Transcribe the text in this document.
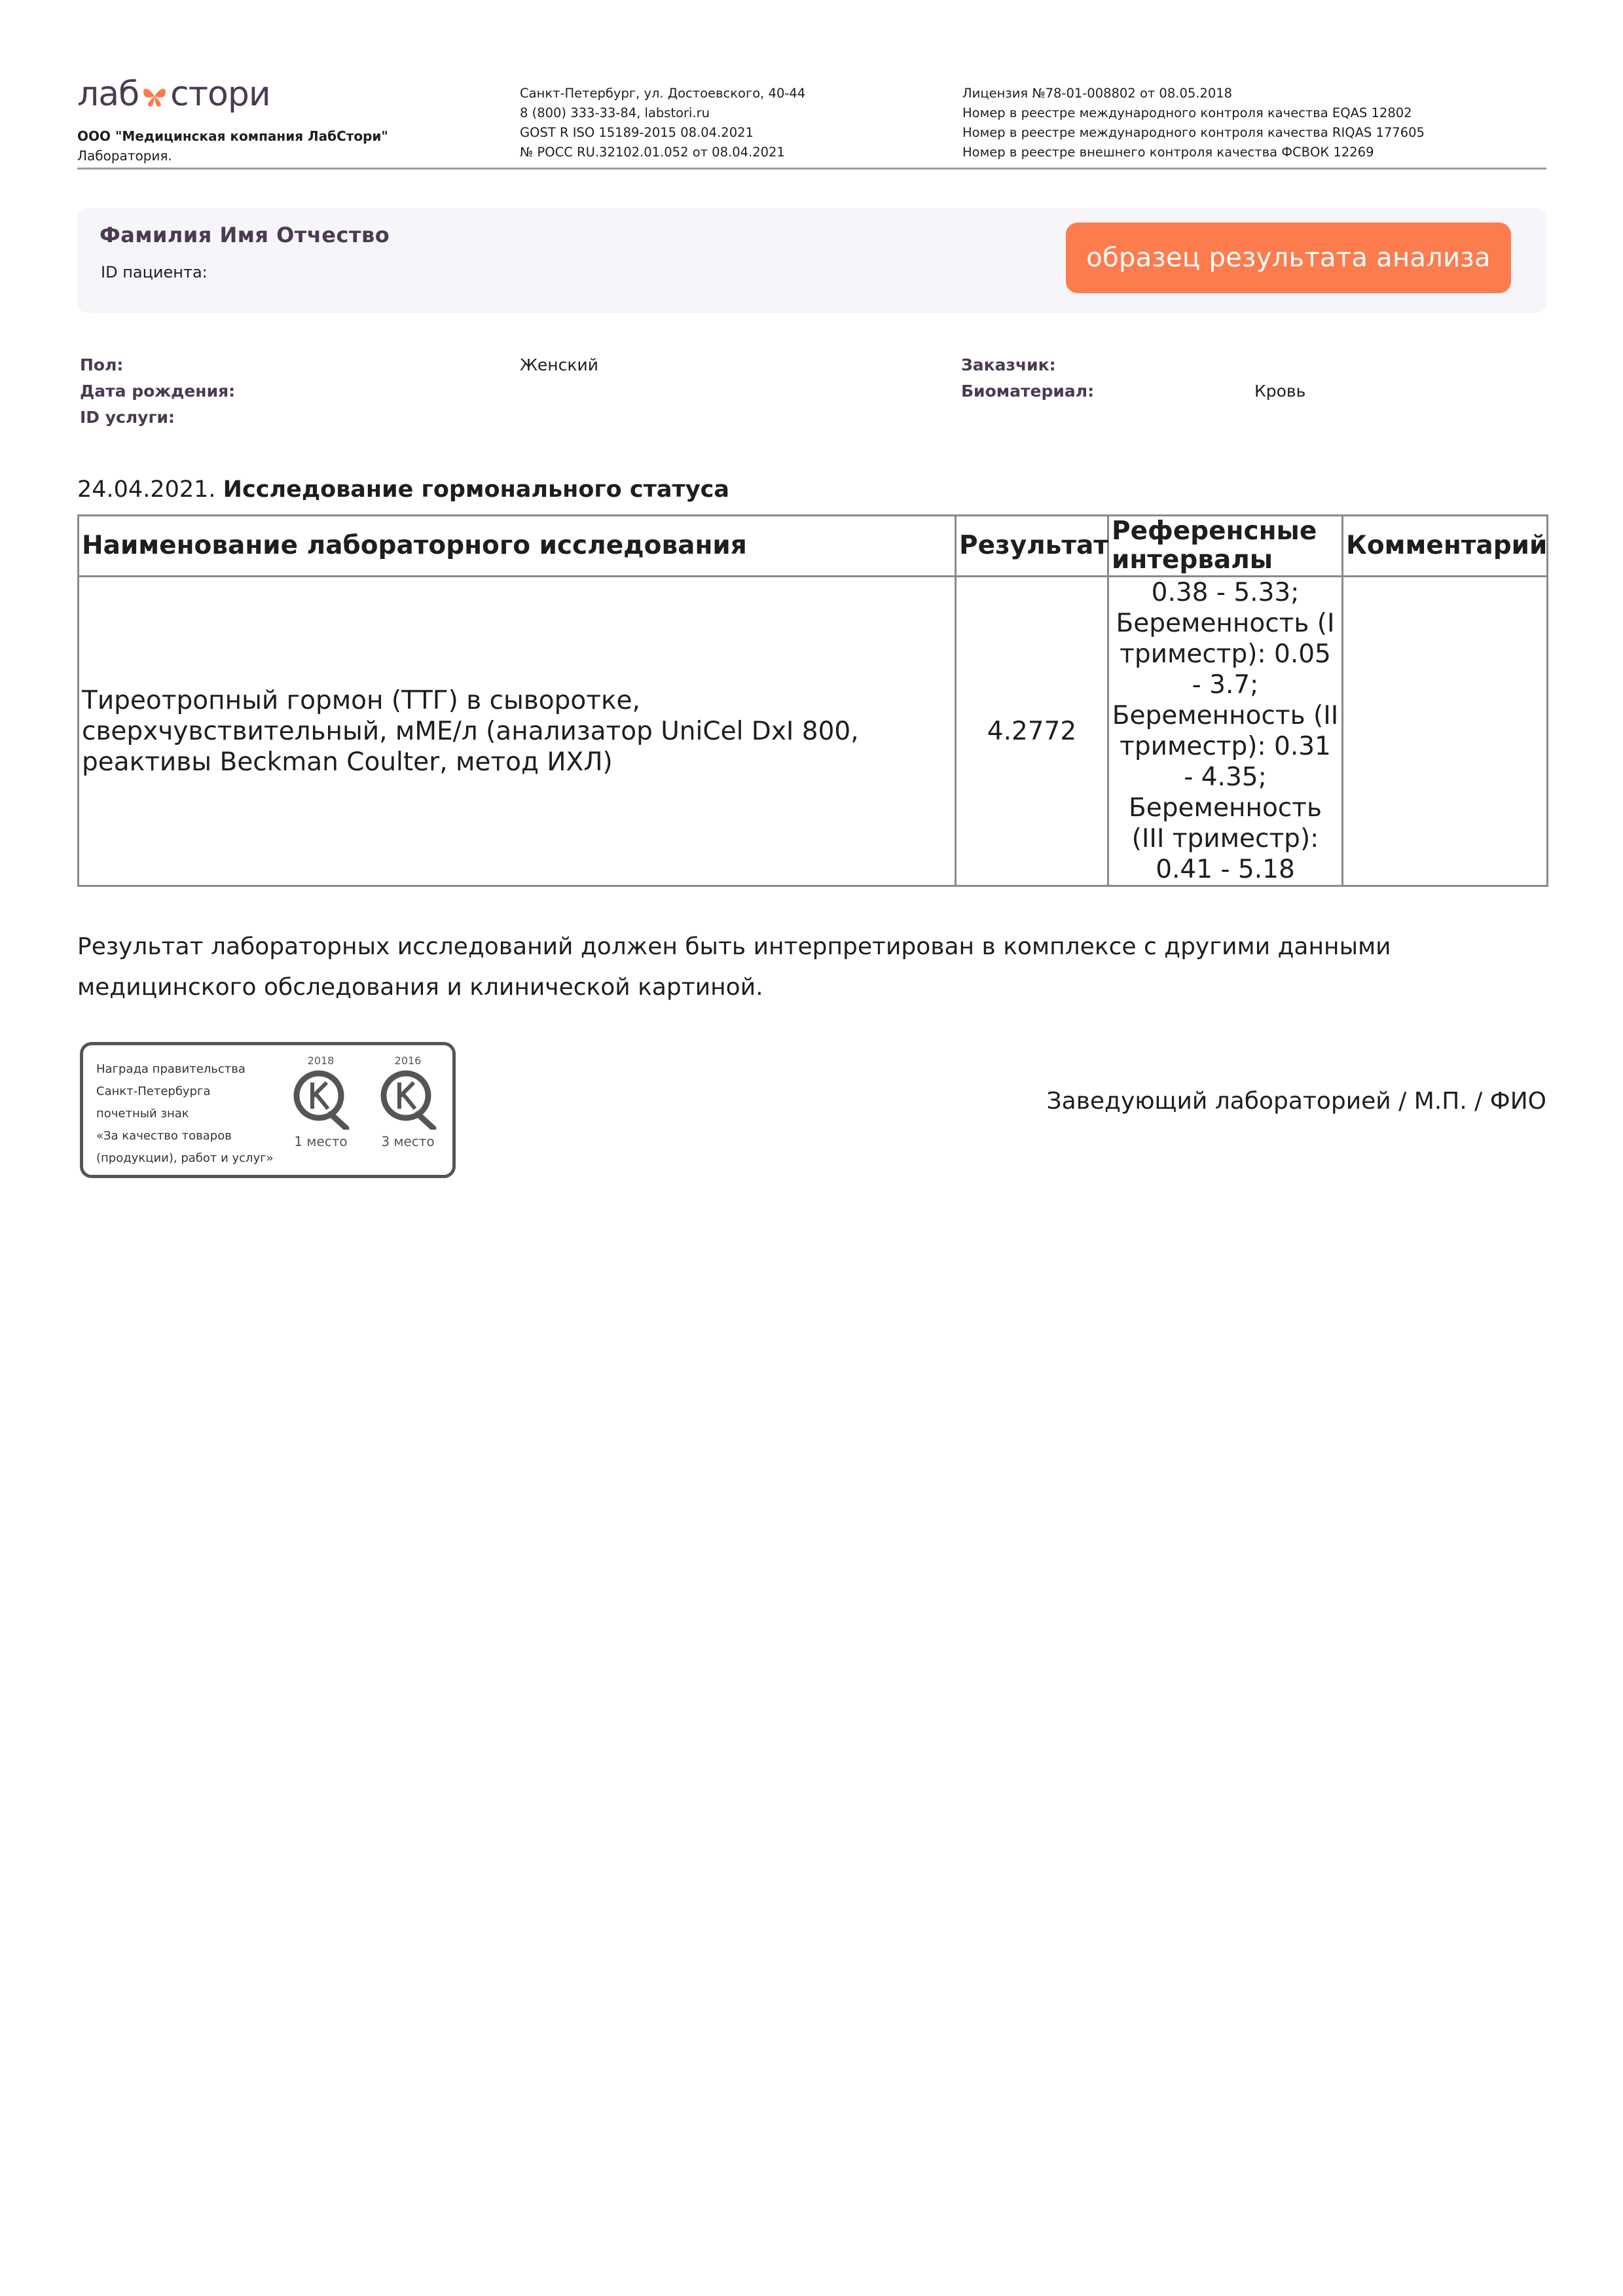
лаб стори
ООО "Медицинская компания ЛабСтори"
Лаборатория.
Санкт-Петербург, ул. Достоевского, 40-44
8 (800) 333-33-84, labstori.ru
GOST R ISO 15189-2015 08.04.2021
№ РОСС RU.32102.01.052 от 08.04.2021
Лицензия №78-01-008802 от 08.05.2018
Номер в реестре международного контроля качества EQAS 12802
Номер в реестре международного контроля качества RIQAS 177605
Номер в реестре внешнего контроля качества ФСВОК 12269
Фамилия Имя Отчество
ID пациента:	образец результата анализа
Пол:	Женский
Дата рождения:
ID услуги:
Заказчик:
Биоматериал:	Кровь
24.04.2021. Исследование гормонального статуса
Наименование лабораторного исследования	Результат	Референсные интервалы	Комментарий
Тиреотропный гормон (ТТГ) в сыворотке, сверхчувствительный, мМЕ/л (анализатор UniCel DxI 800, реактивы Beckman Coulter, метод ИХЛ)	4.2772	0.38 - 5.33; Беременность (I триместр): 0.05 - 3.7; Беременность (II триместр): 0.31 - 4.35; Беременность (III триместр): 0.41 - 5.18	
Результат лабораторных исследований должен быть интерпретирован в комплексе с другими данными медицинского обследования и клинической картиной.
Награда правительства
Санкт-Петербурга
почетный знак
«За качество товаров
(продукции), работ и услуг»
2018
1 место
2016
3 место
Заведующий лабораторией / М.П. / ФИО
